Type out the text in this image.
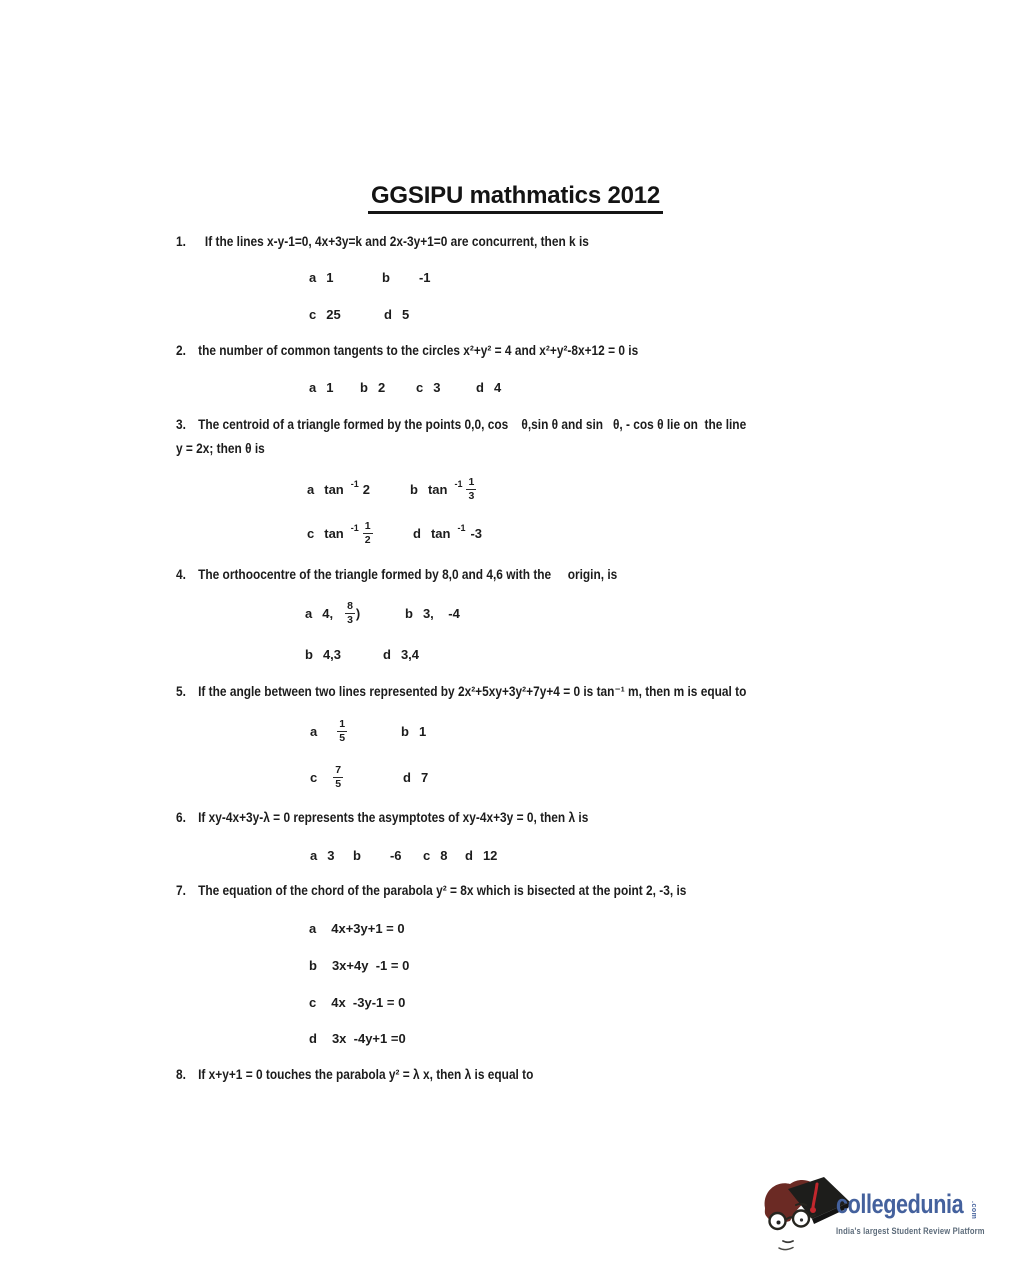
GGSIPU mathmatics 2012
1. If the lines x-y-1=0, 4x+3y=k and 2x-3y+1=0 are concurrent, then k is
a 1	b -1
c 25	d 5
2. the number of common tangents to the circles x²+y² = 4 and x²+y²-8x+12 = 0 is
a 1 b 2 c 3	d 4
3. The centroid of a triangle formed by the points 0,0, cos    θ,sin θ and sin   θ, - cos θ lie on  the line
y = 2x; then θ is
a tan $^{-1}$ 2	b $\tan ^{-1} \frac{1}{3}$
c $\tan ^{-1} \frac{1}{2}$	d tan $^{-1}$ -3
4. The orthoocentre of the triangle formed by 8,0 and 4,6 with the     origin, is
a 4, $\frac{8}{3}$ )	b 3,    -4
b 4,3	d 3,4
5. If the angle between two lines represented by 2x²+5xy+3y²+7y+4 = 0 is tan⁻¹ m, then m is equal to
a $\frac{1}{5}$	b 1
c $\frac{7}{5}$	d 7
6. If xy-4x+3y-λ = 0 represents the asymptotes of xy-4x+3y = 0, then λ is
a 3 b -6 c 8 d 12
7. The equation of the chord of the parabola y² = 8x which is bisected at the point 2, -3, is
a 4x+3y+1 = 0
b 3x+4y  -1 = 0
c 4x  -3y-1 = 0
d 3x  -4y+1 =0
8. If x+y+1 = 0 touches the parabola y² = λ x, then λ is equal to
collegedunia .com
India's largest Student Review Platform
